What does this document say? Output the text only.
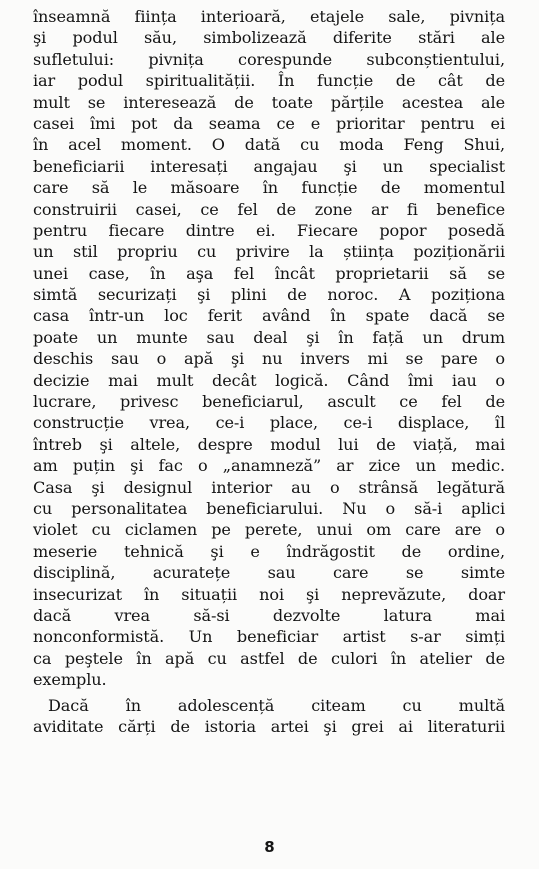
înseamnă ființa interioară, etajele sale, pivnița
şi podul său, simbolizează diferite stări ale
sufletului: pivnița corespunde subconștientului,
iar podul spiritualității. În funcție de cât de
mult se interesează de toate părțile acestea ale
casei îmi pot da seama ce e prioritar pentru ei
în acel moment. O dată cu moda Feng Shui,
beneficiarii interesați angajau şi un specialist
care să le măsoare în funcție de momentul
construirii casei, ce fel de zone ar fi benefice
pentru fiecare dintre ei. Fiecare popor posedă
un stil propriu cu privire la știința poziționării
unei case, în aşa fel încât proprietarii să se
simtă securizați şi plini de noroc. A poziționa
casa într-un loc ferit având în spate dacă se
poate un munte sau deal şi în față un drum
deschis sau o apă şi nu invers mi se pare o
decizie mai mult decât logică. Când îmi iau o
lucrare, privesc beneficiarul, ascult ce fel de
construcție vrea, ce-i place, ce-i displace, îl
întreb şi altele, despre modul lui de viață, mai
am puțin şi fac o „anamneză” ar zice un medic.
Casa şi designul interior au o strânsă legătură
cu personalitatea beneficiarului. Nu o să-i aplici
violet cu ciclamen pe perete, unui om care are o
meserie tehnică şi e îndrăgostit de ordine,
disciplină, acuratețe sau care se simte
insecurizat în situații noi şi neprevăzute, doar
dacă vrea să-si dezvolte latura mai
nonconformistă. Un beneficiar artist s-ar simți
ca peştele în apă cu astfel de culori în atelier de
exemplu.
Dacă în adolescență citeam cu multă
aviditate cărți de istoria artei şi grei ai literaturii
8
